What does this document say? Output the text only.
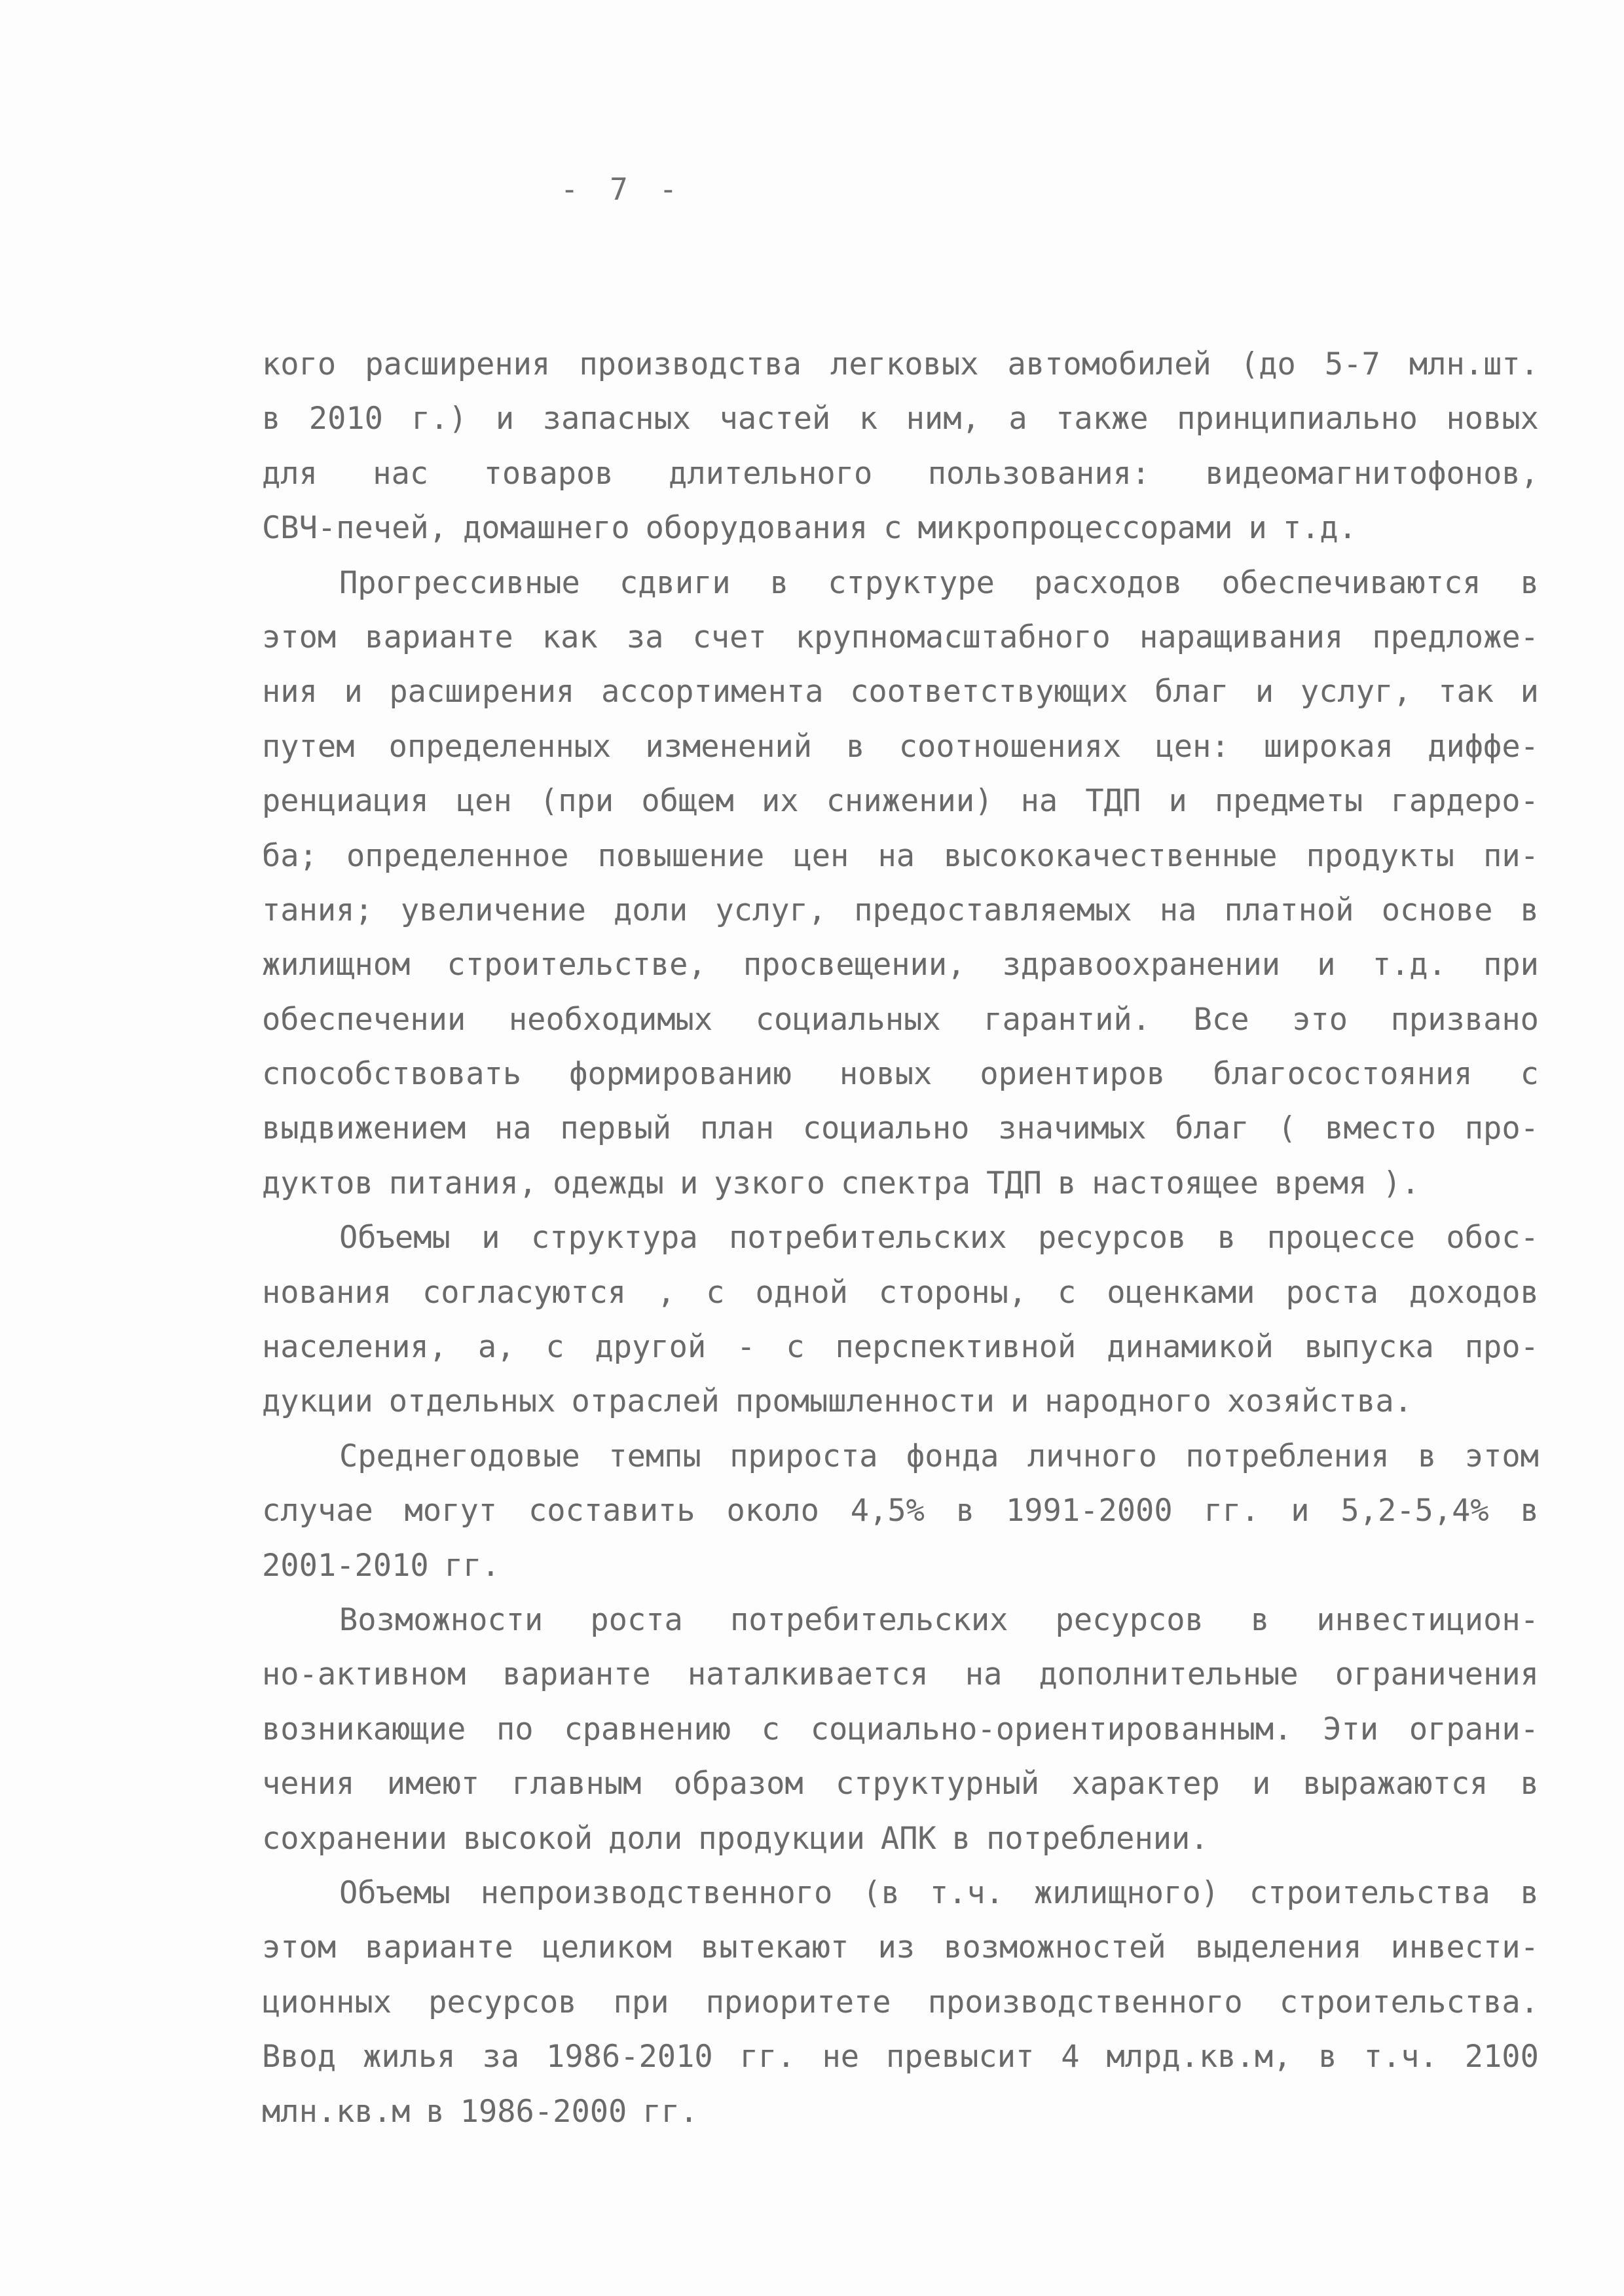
- 7 -
кого расширения производства легковых автомобилей (до 5-7 млн.шт.
в 2010 г.) и запасных частей к ним, а также принципиально новых
для нас товаров длительного пользования: видеомагнитофонов,
СВЧ-печей, домашнего оборудования с микропроцессорами и т.д.
Прогрессивные сдвиги в структуре расходов обеспечиваются в
этом варианте как за счет крупномасштабного наращивания предложе-
ния и расширения ассортимента соответствующих благ и услуг, так и
путем определенных изменений в соотношениях цен: широкая диффе-
ренциация цен (при общем их снижении) на ТДП и предметы гардеро-
ба; определенное повышение цен на высококачественные продукты пи-
тания; увеличение доли услуг, предоставляемых на платной основе в
жилищном строительстве, просвещении, здравоохранении и т.д. при
обеспечении необходимых социальных гарантий. Все это призвано
способствовать формированию новых ориентиров благосостояния с
выдвижением на первый план социально значимых благ ( вместо про-
дуктов питания, одежды и узкого спектра ТДП в настоящее время ).
Объемы и структура потребительских ресурсов в процессе обос-
нования согласуются , с одной стороны, с оценками роста доходов
населения, а, с другой - с перспективной динамикой выпуска про-
дукции отдельных отраслей промышленности и народного хозяйства.
Среднегодовые темпы прироста фонда личного потребления в этом
случае могут составить около 4,5% в 1991-2000 гг. и 5,2-5,4% в
2001-2010 гг.
Возможности роста потребительских ресурсов в инвестицион-
но-активном варианте наталкивается на дополнительные ограничения
возникающие по сравнению с социально-ориентированным. Эти ограни-
чения имеют главным образом структурный характер и выражаются в
сохранении высокой доли продукции АПК в потреблении.
Объемы непроизводственного (в т.ч. жилищного) строительства в
этом варианте целиком вытекают из возможностей выделения инвести-
ционных ресурсов при приоритете производственного строительства.
Ввод жилья за 1986-2010 гг. не превысит 4 млрд.кв.м, в т.ч. 2100
млн.кв.м в 1986-2000 гг.
